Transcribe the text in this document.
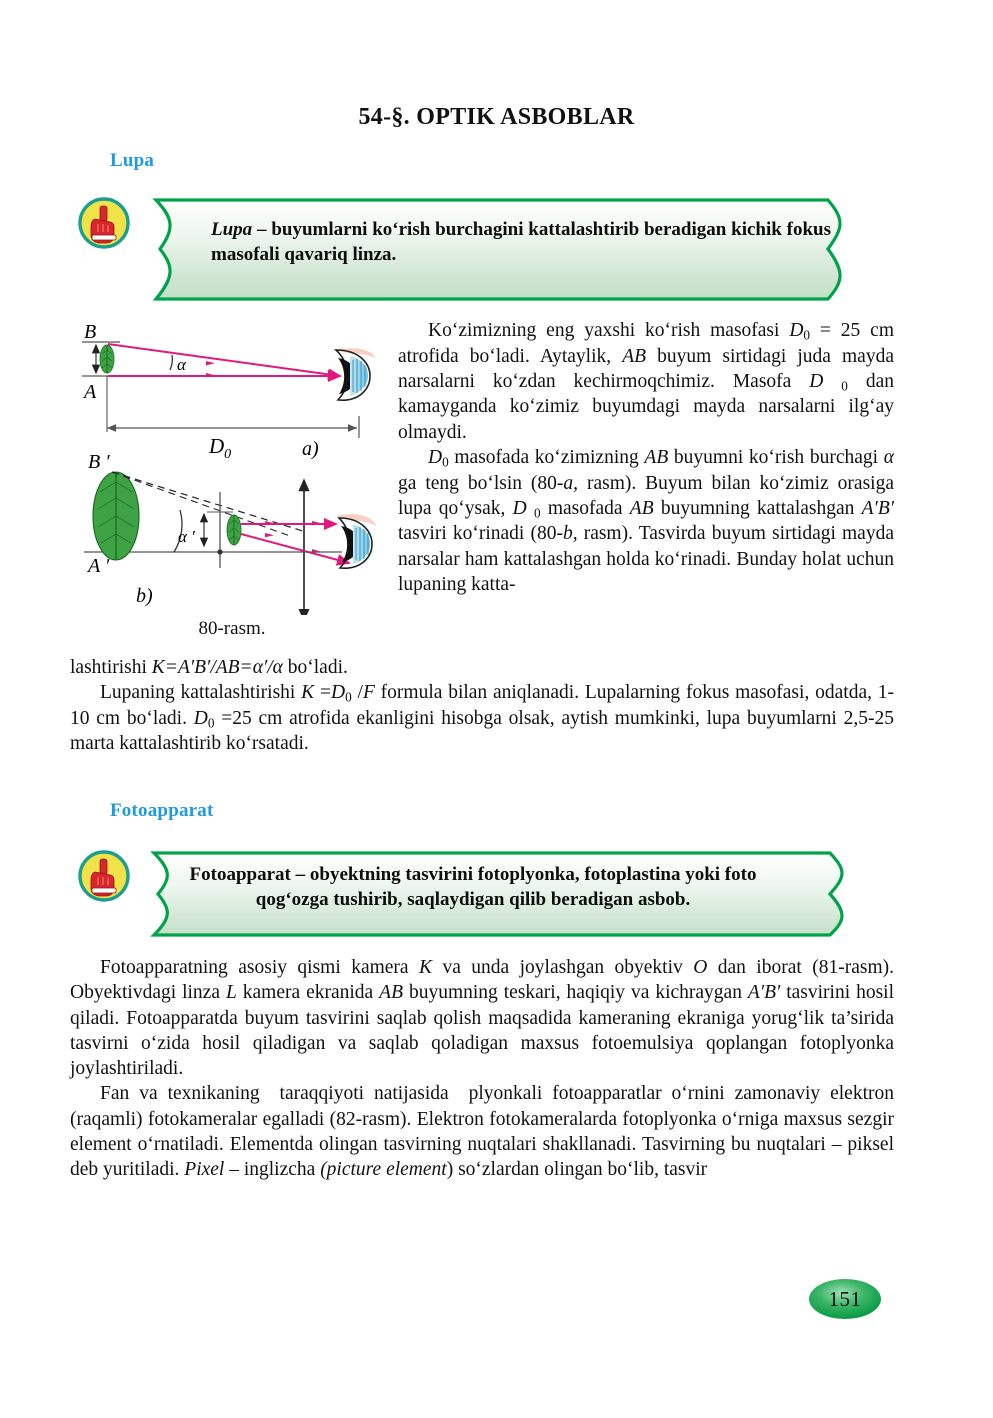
54-§. OPTIK ASBOBLAR
Lupa
Lupa – buyumlarni ko‘rish burchagini kattalashtirib beradigan kichik fokus masofali qavariq linza.
α
B
A
$D_0$	a)
α ′
B ′
A ′
b)
80-rasm.

Ko‘zimizning eng yaxshi ko‘rish masofasi $D_0 = 25$ cm atrofida bo‘ladi. Aytaylik, AB buyum sirtidagi juda mayda narsalarni ko‘zdan kechirmoqchimiz. Masofa D $_0$ dan kamayganda ko‘zimiz buyumdagi mayda narsalarni ilg‘ay olmaydi.

$D_0$ masofada ko‘zimizning AB buyumni ko‘rish burchagi α ga teng bo‘lsin (80-a, rasm). Buyum bilan ko‘zimiz orasiga lupa qo‘ysak, D $_0$ masofada AB buyumning kattalashgan A′B′ tasviri ko‘rinadi (80-b, rasm). Tasvirda buyum sirtidagi mayda narsalar ham kattalashgan holda ko‘rinadi. Bunday holat uchun lupaning katta-

lashtirishi K=A′B′/AB=α′/α bo‘ladi.

Lupaning kattalashtirishi $K =D_0$ /F formula bilan aniqlanadi. Lupalarning fokus masofasi, odatda, 1-10 cm bo‘ladi. $D_0 =25$ cm atrofida ekanligini hisobga olsak, aytish mumkinki, lupa buyumlarni 2,5-25 marta kattalashtirib ko‘rsatadi.

Fotoapparat
Fotoapparat – obyektning tasvirini fotoplyonka, fotoplastina yoki foto qog‘ozga tushirib, saqlaydigan qilib beradigan asbob.

Fotoapparatning asosiy qismi kamera K va unda joylashgan obyektiv O dan iborat (81-rasm). Obyektivdagi linza L kamera ekranida AB buyumning teskari, haqiqiy va kichraygan A′B′ tasvirini hosil qiladi. Fotoapparatda buyum tasvirini saqlab qolish maqsadida kameraning ekraniga yorug‘lik ta’sirida tasvirni o‘zida hosil qiladigan va saqlab qoladigan maxsus fotoemulsiya qoplangan fotoplyonka joylashtiriladi.

Fan va texnikaning  taraqqiyoti natijasida  plyonkali fotoapparatlar o‘rnini zamonaviy elektron (raqamli) fotokameralar egalladi (82-rasm). Elektron fotokameralarda fotoplyonka o‘rniga maxsus sezgir element o‘rnatiladi. Elementda olingan tasvirning nuqtalari shakllanadi. Tasvirning bu nuqtalari – piksel deb yuritiladi. Pixel – inglizcha (picture element) so‘zlardan olingan bo‘lib, tasvir

151
